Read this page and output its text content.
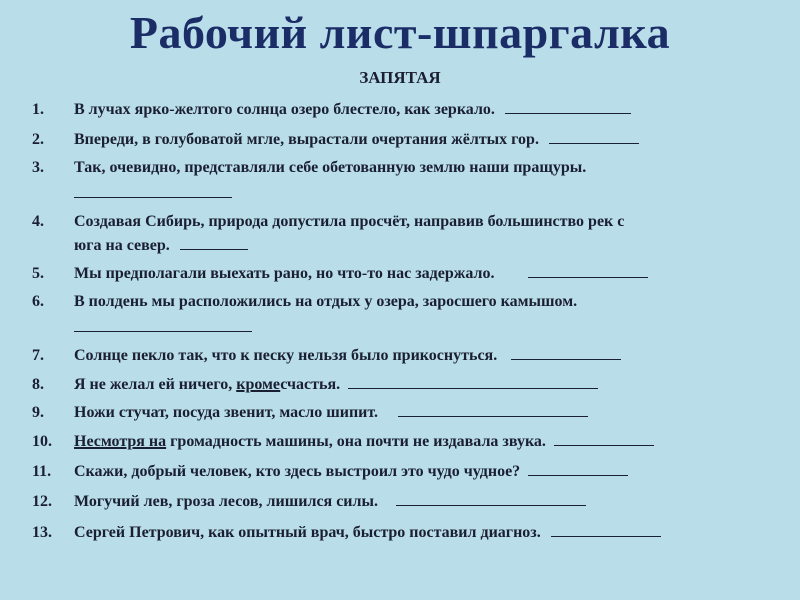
Рабочий лист-шпаргалка
ЗАПЯТАЯ
1.	В лучах ярко-желтого солнца озеро блестело, как зеркало.
2.	Впереди, в голубоватой мгле, вырастали очертания жёлтых гор.
3.	Так, очевидно, представляли себе обетованную землю наши пращуры.
4.	Создавая Сибирь, природа допустила просчёт, направив большинство рек с
юга на север.
5.	Мы предполагали выехать рано, но что-то нас задержало.
6.	В полдень мы расположились на отдых у озера, заросшего камышом.
7.	Солнце пекло так, что к песку нельзя было прикоснуться.
8.	Я не желал ей ничего, кромесчастья.
9.	Ножи стучат, посуда звенит, масло шипит.
10.	Несмотря на громадность машины, она почти не издавала звука.
11.	Скажи, добрый человек, кто здесь выстроил это чудо чудное?
12.	Могучий лев, гроза лесов, лишился силы.
13.	Сергей Петрович, как опытный врач, быстро поставил диагноз.
